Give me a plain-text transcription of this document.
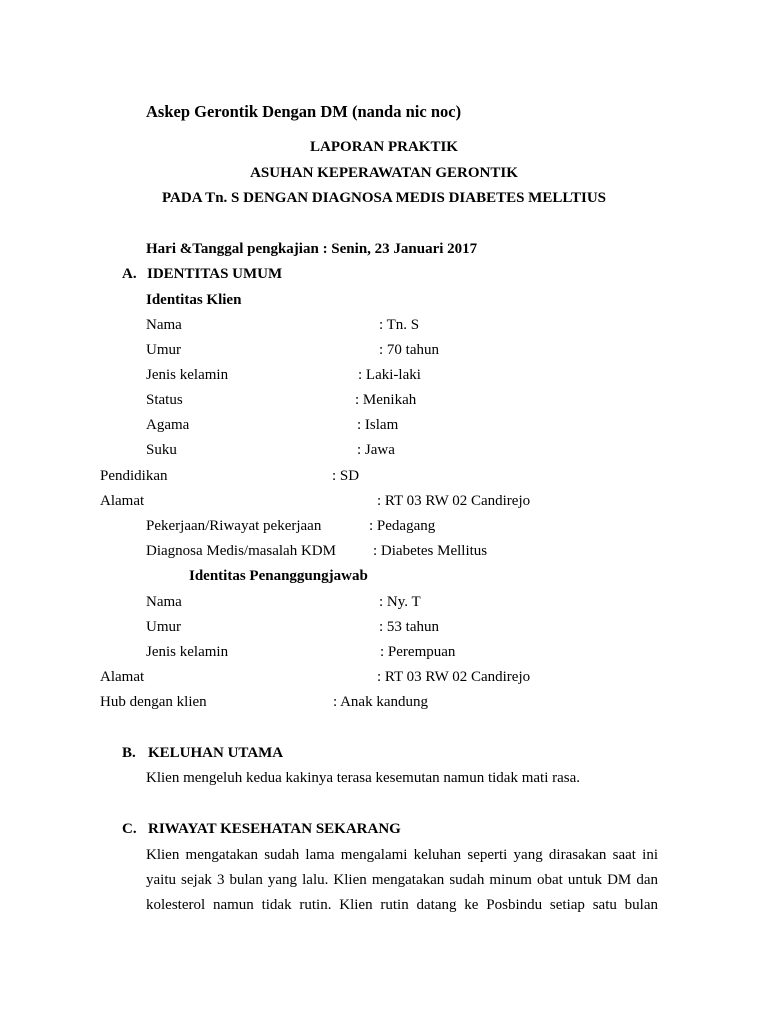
Askep Gerontik Dengan DM (nanda nic noc)
LAPORAN PRAKTIK
ASUHAN KEPERAWATAN GERONTIK
PADA Tn. S DENGAN DIAGNOSA MEDIS DIABETES MELLTIUS
Hari &Tanggal pengkajian : Senin, 23 Januari 2017
A. IDENTITAS UMUM
Identitas Klien
Nama	: Tn. S
Umur	: 70 tahun
Jenis kelamin	: Laki-laki
Status	: Menikah
Agama	: Islam
Suku	: Jawa
Pendidikan	: SD
Alamat	: RT 03 RW 02 Candirejo
Pekerjaan/Riwayat pekerjaan	: Pedagang
Diagnosa Medis/masalah KDM : Diabetes Mellitus
Identitas Penanggungjawab
Nama	: Ny. T
Umur	: 53 tahun
Jenis kelamin	: Perempuan
Alamat	: RT 03 RW 02 Candirejo
Hub dengan klien	: Anak kandung
B. KELUHAN UTAMA
Klien mengeluh kedua kakinya terasa kesemutan namun tidak mati rasa.
C. RIWAYAT KESEHATAN SEKARANG
Klien mengatakan sudah lama mengalami keluhan seperti yang dirasakan saat ini
yaitu sejak 3 bulan yang lalu. Klien mengatakan sudah minum obat untuk DM dan
kolesterol namun tidak rutin. Klien rutin datang ke Posbindu setiap satu bulan
